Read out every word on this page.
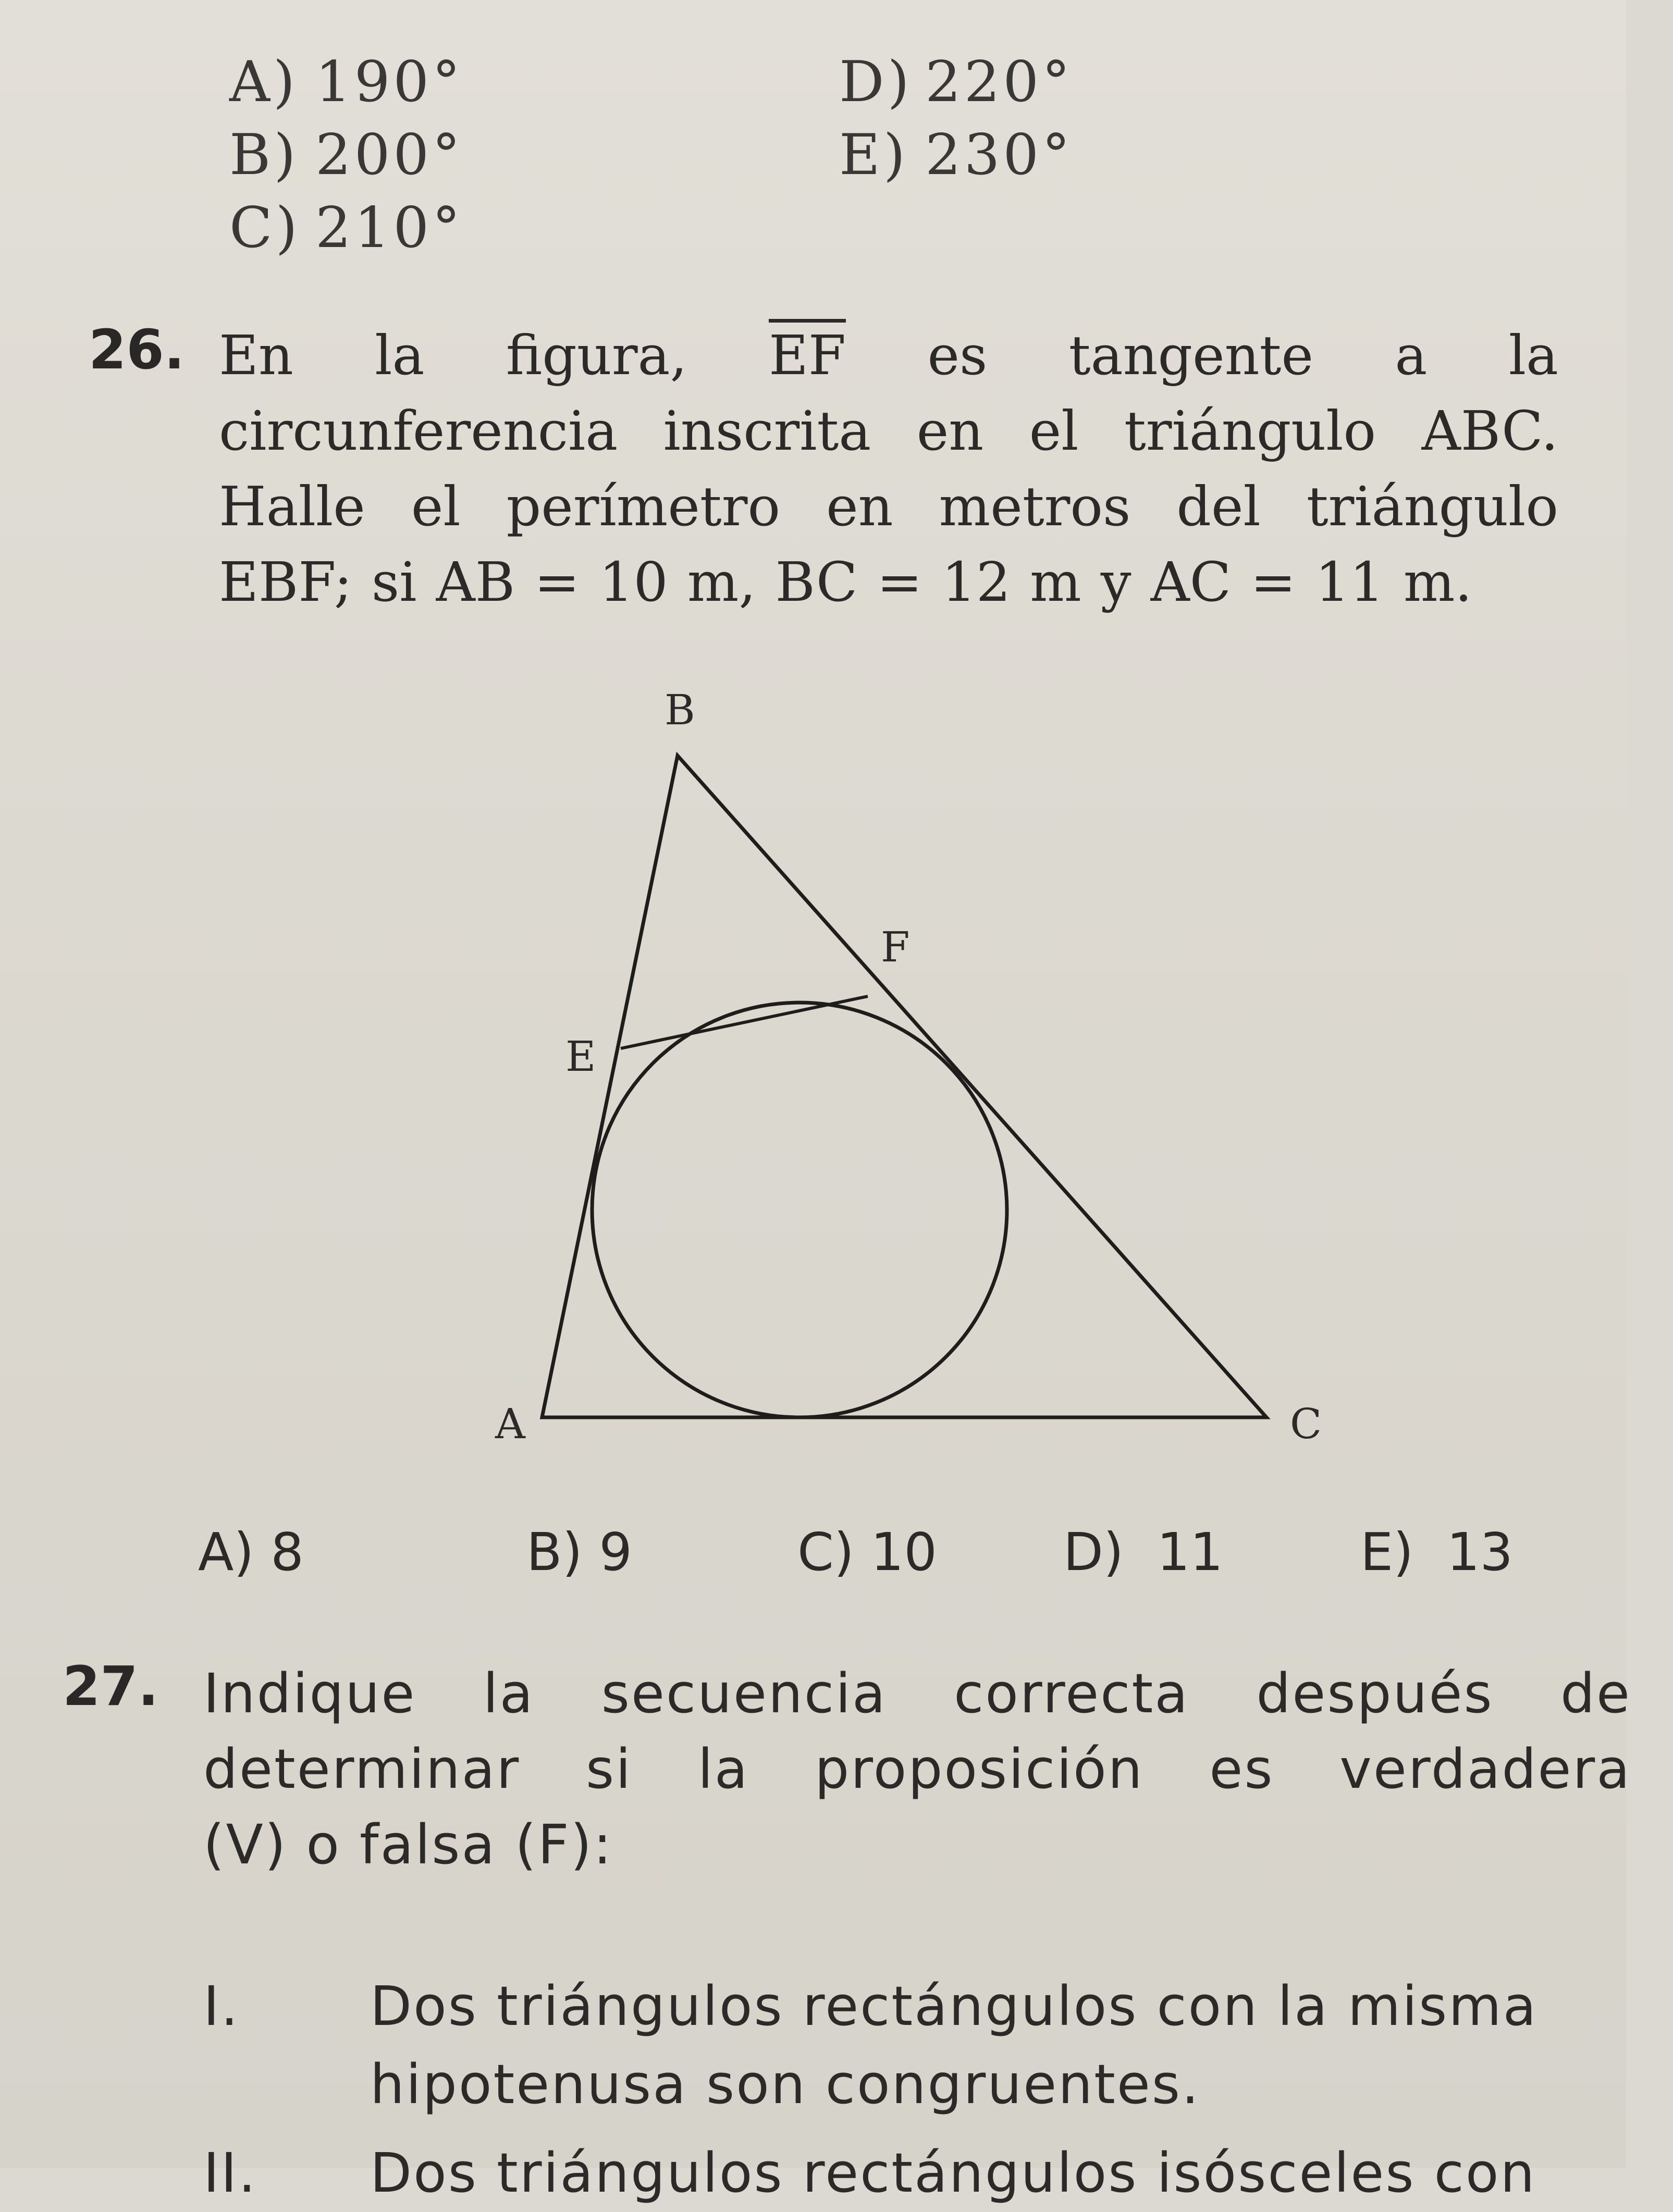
A) 190°
B) 200°
C) 210°
D) 220°
E) 230°
26. En la figura, EF es tangente a la
circunferencia inscrita en el triángulo ABC.
Halle el perímetro en metros del triángulo
EBF; si AB = 10 m, BC = 12 m y AC = 11 m.
B
F
E
A	C
A) 8	B) 9	C) 10 D) 11	E) 13
27. Indique la secuencia correcta después de
determinar si la proposición es verdadera
(V) o falsa (F):
I.	Dos triángulos rectángulos con la misma
hipotenusa son congruentes.
II.	Dos triángulos rectángulos isósceles con
